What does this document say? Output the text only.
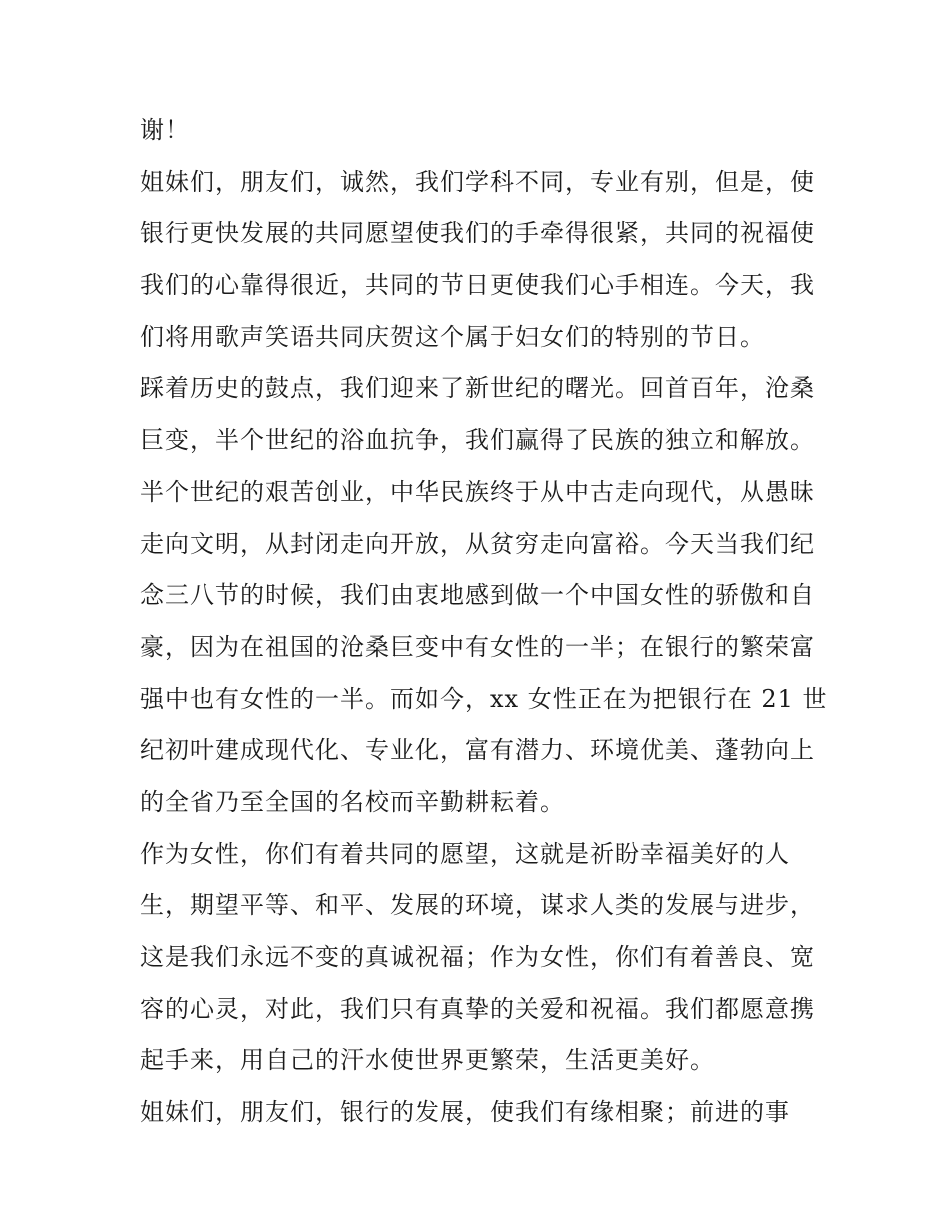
谢！
姐妹们，朋友们，诚然，我们学科不同，专业有别，但是，使
银行更快发展的共同愿望使我们的手牵得很紧，共同的祝福使
我们的心靠得很近，共同的节日更使我们心手相连。今天，我
们将用歌声笑语共同庆贺这个属于妇女们的特别的节日。
踩着历史的鼓点，我们迎来了新世纪的曙光。回首百年，沧桑
巨变，半个世纪的浴血抗争，我们赢得了民族的独立和解放。
半个世纪的艰苦创业，中华民族终于从中古走向现代，从愚昧
走向文明，从封闭走向开放，从贫穷走向富裕。今天当我们纪
念三八节的时候，我们由衷地感到做一个中国女性的骄傲和自
豪，因为在祖国的沧桑巨变中有女性的一半；在银行的繁荣富
强中也有女性的一半。而如今，xx 女性正在为把银行在 21 世
纪初叶建成现代化、专业化，富有潜力、环境优美、蓬勃向上
的全省乃至全国的名校而辛勤耕耘着。
作为女性，你们有着共同的愿望，这就是祈盼幸福美好的人
生，期望平等、和平、发展的环境，谋求人类的发展与进步，
这是我们永远不变的真诚祝福；作为女性，你们有着善良、宽
容的心灵，对此，我们只有真挚的关爱和祝福。我们都愿意携
起手来，用自己的汗水使世界更繁荣，生活更美好。
姐妹们，朋友们，银行的发展，使我们有缘相聚；前进的事
